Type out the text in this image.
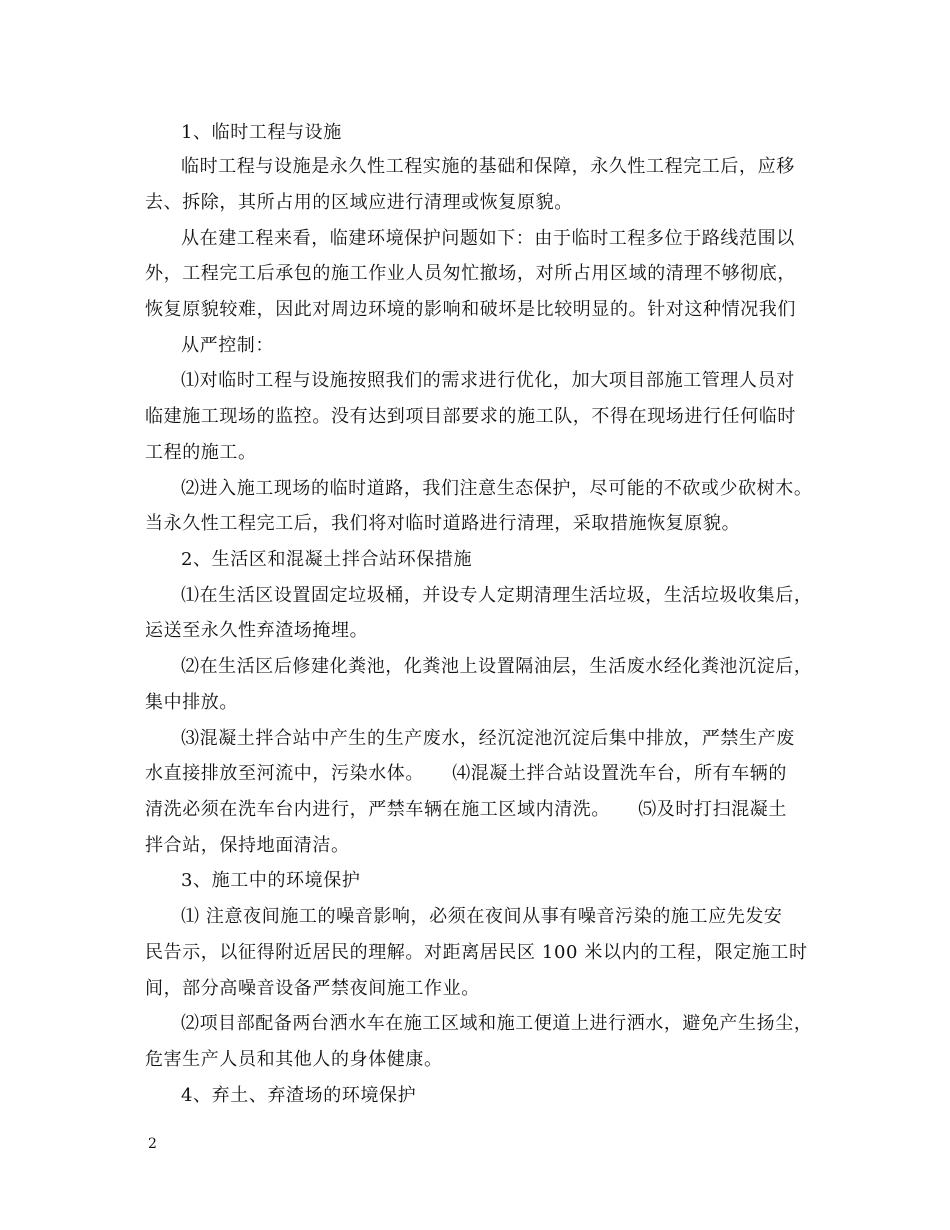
1、临时工程与设施
临时工程与设施是永久性工程实施的基础和保障，永久性工程完工后，应移
去、拆除，其所占用的区域应进行清理或恢复原貌。
从在建工程来看，临建环境保护问题如下：由于临时工程多位于路线范围以
外，工程完工后承包的施工作业人员匆忙撤场，对所占用区域的清理不够彻底，
恢复原貌较难，因此对周边环境的影响和破坏是比较明显的。针对这种情况我们
从严控制：
⑴对临时工程与设施按照我们的需求进行优化，加大项目部施工管理人员对
临建施工现场的监控。没有达到项目部要求的施工队，不得在现场进行任何临时
工程的施工。
⑵进入施工现场的临时道路，我们注意生态保护，尽可能的不砍或少砍树木。
当永久性工程完工后，我们将对临时道路进行清理，采取措施恢复原貌。
2、生活区和混凝土拌合站环保措施
⑴在生活区设置固定垃圾桶，并设专人定期清理生活垃圾，生活垃圾收集后，
运送至永久性弃渣场掩埋。
⑵在生活区后修建化粪池，化粪池上设置隔油层，生活废水经化粪池沉淀后，
集中排放。
⑶混凝土拌合站中产生的生产废水，经沉淀池沉淀后集中排放，严禁生产废
水直接排放至河流中，污染水体。　　⑷混凝土拌合站设置洗车台，所有车辆的
清洗必须在洗车台内进行，严禁车辆在施工区域内清洗。　　⑸及时打扫混凝土
拌合站，保持地面清洁。
3、施工中的环境保护
⑴ 注意夜间施工的噪音影响，必须在夜间从事有噪音污染的施工应先发安
民告示，以征得附近居民的理解。对距离居民区 100 米以内的工程，限定施工时
间，部分高噪音设备严禁夜间施工作业。
⑵项目部配备两台洒水车在施工区域和施工便道上进行洒水，避免产生扬尘，
危害生产人员和其他人的身体健康。
4、弃土、弃渣场的环境保护
2
